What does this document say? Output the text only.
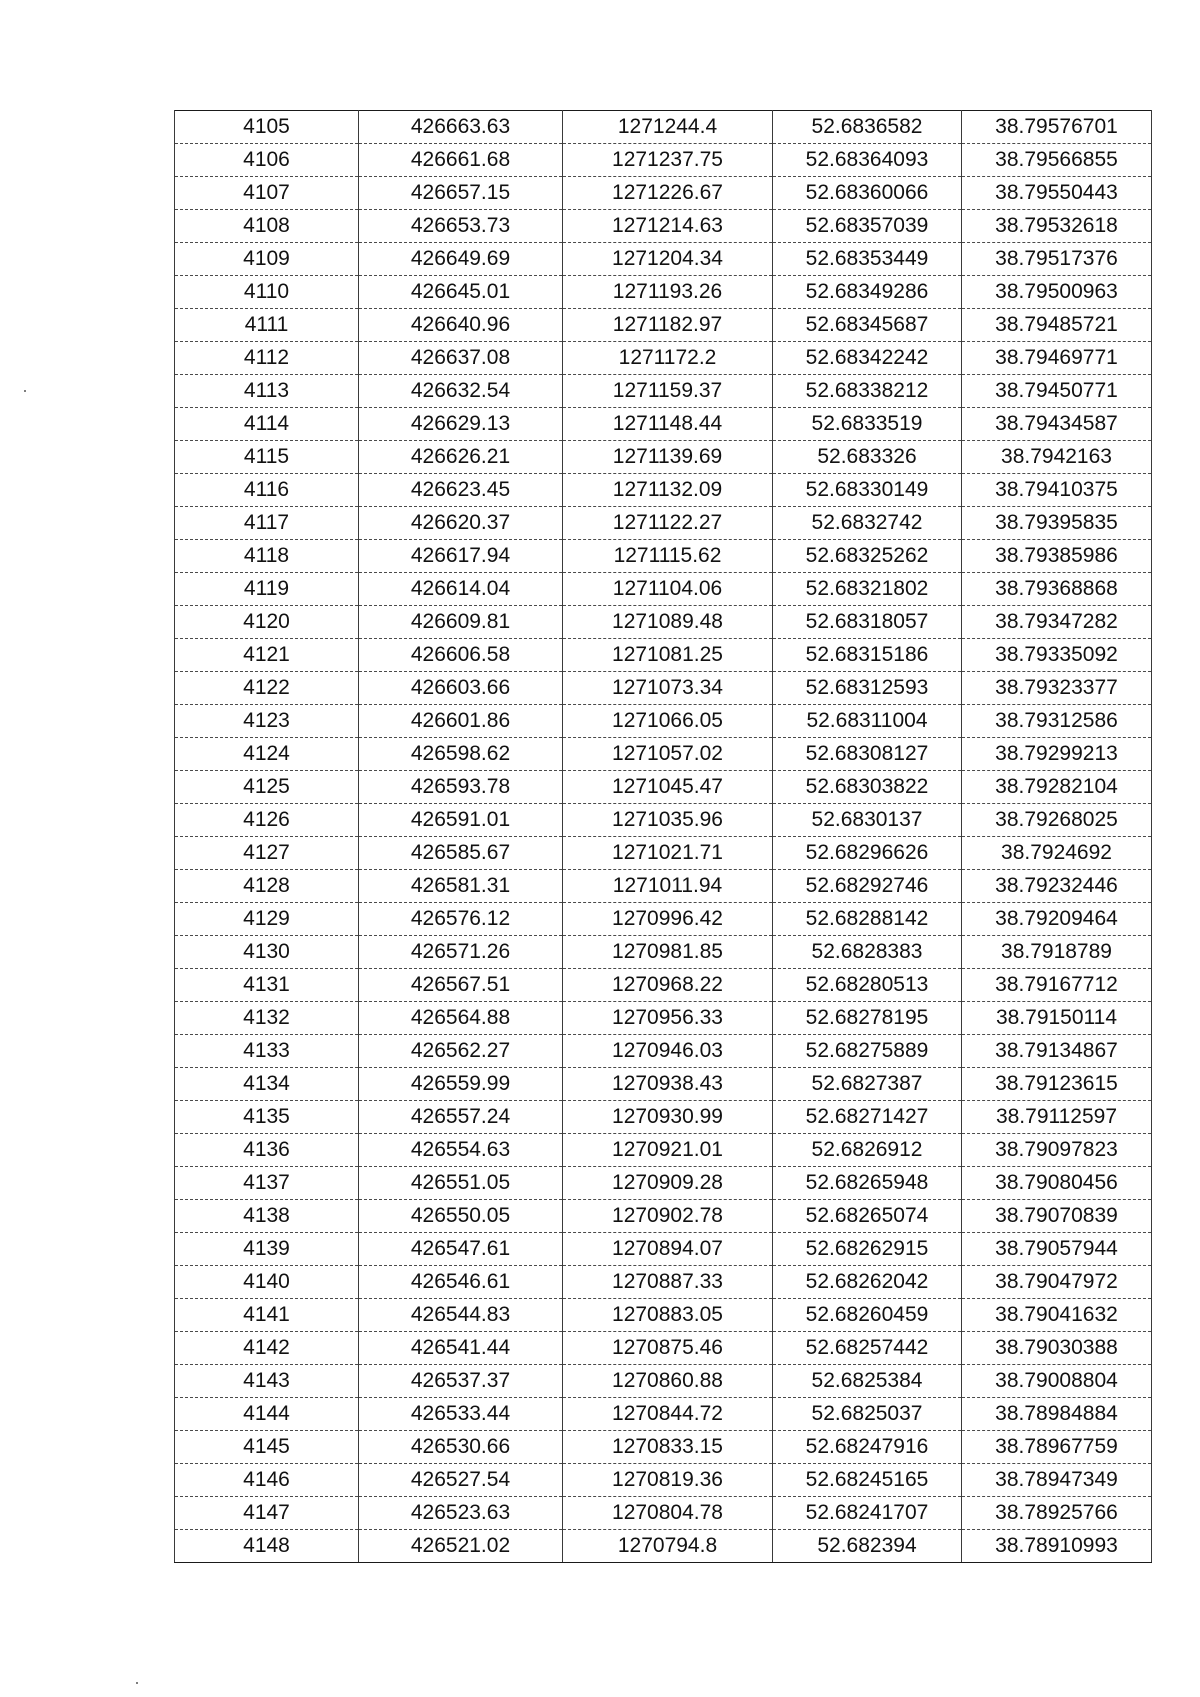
4105	426663.63	1271244.4	52.6836582	38.79576701
4106	426661.68	1271237.75	52.68364093	38.79566855
4107	426657.15	1271226.67	52.68360066	38.79550443
4108	426653.73	1271214.63	52.68357039	38.79532618
4109	426649.69	1271204.34	52.68353449	38.79517376
4110	426645.01	1271193.26	52.68349286	38.79500963
4111	426640.96	1271182.97	52.68345687	38.79485721
4112	426637.08	1271172.2	52.68342242	38.79469771
4113	426632.54	1271159.37	52.68338212	38.79450771
4114	426629.13	1271148.44	52.6833519	38.79434587
4115	426626.21	1271139.69	52.683326	38.7942163
4116	426623.45	1271132.09	52.68330149	38.79410375
4117	426620.37	1271122.27	52.6832742	38.79395835
4118	426617.94	1271115.62	52.68325262	38.79385986
4119	426614.04	1271104.06	52.68321802	38.79368868
4120	426609.81	1271089.48	52.68318057	38.79347282
4121	426606.58	1271081.25	52.68315186	38.79335092
4122	426603.66	1271073.34	52.68312593	38.79323377
4123	426601.86	1271066.05	52.68311004	38.79312586
4124	426598.62	1271057.02	52.68308127	38.79299213
4125	426593.78	1271045.47	52.68303822	38.79282104
4126	426591.01	1271035.96	52.6830137	38.79268025
4127	426585.67	1271021.71	52.68296626	38.7924692
4128	426581.31	1271011.94	52.68292746	38.79232446
4129	426576.12	1270996.42	52.68288142	38.79209464
4130	426571.26	1270981.85	52.6828383	38.7918789
4131	426567.51	1270968.22	52.68280513	38.79167712
4132	426564.88	1270956.33	52.68278195	38.79150114
4133	426562.27	1270946.03	52.68275889	38.79134867
4134	426559.99	1270938.43	52.6827387	38.79123615
4135	426557.24	1270930.99	52.68271427	38.79112597
4136	426554.63	1270921.01	52.6826912	38.79097823
4137	426551.05	1270909.28	52.68265948	38.79080456
4138	426550.05	1270902.78	52.68265074	38.79070839
4139	426547.61	1270894.07	52.68262915	38.79057944
4140	426546.61	1270887.33	52.68262042	38.79047972
4141	426544.83	1270883.05	52.68260459	38.79041632
4142	426541.44	1270875.46	52.68257442	38.79030388
4143	426537.37	1270860.88	52.6825384	38.79008804
4144	426533.44	1270844.72	52.6825037	38.78984884
4145	426530.66	1270833.15	52.68247916	38.78967759
4146	426527.54	1270819.36	52.68245165	38.78947349
4147	426523.63	1270804.78	52.68241707	38.78925766
4148	426521.02	1270794.8	52.682394	38.78910993
